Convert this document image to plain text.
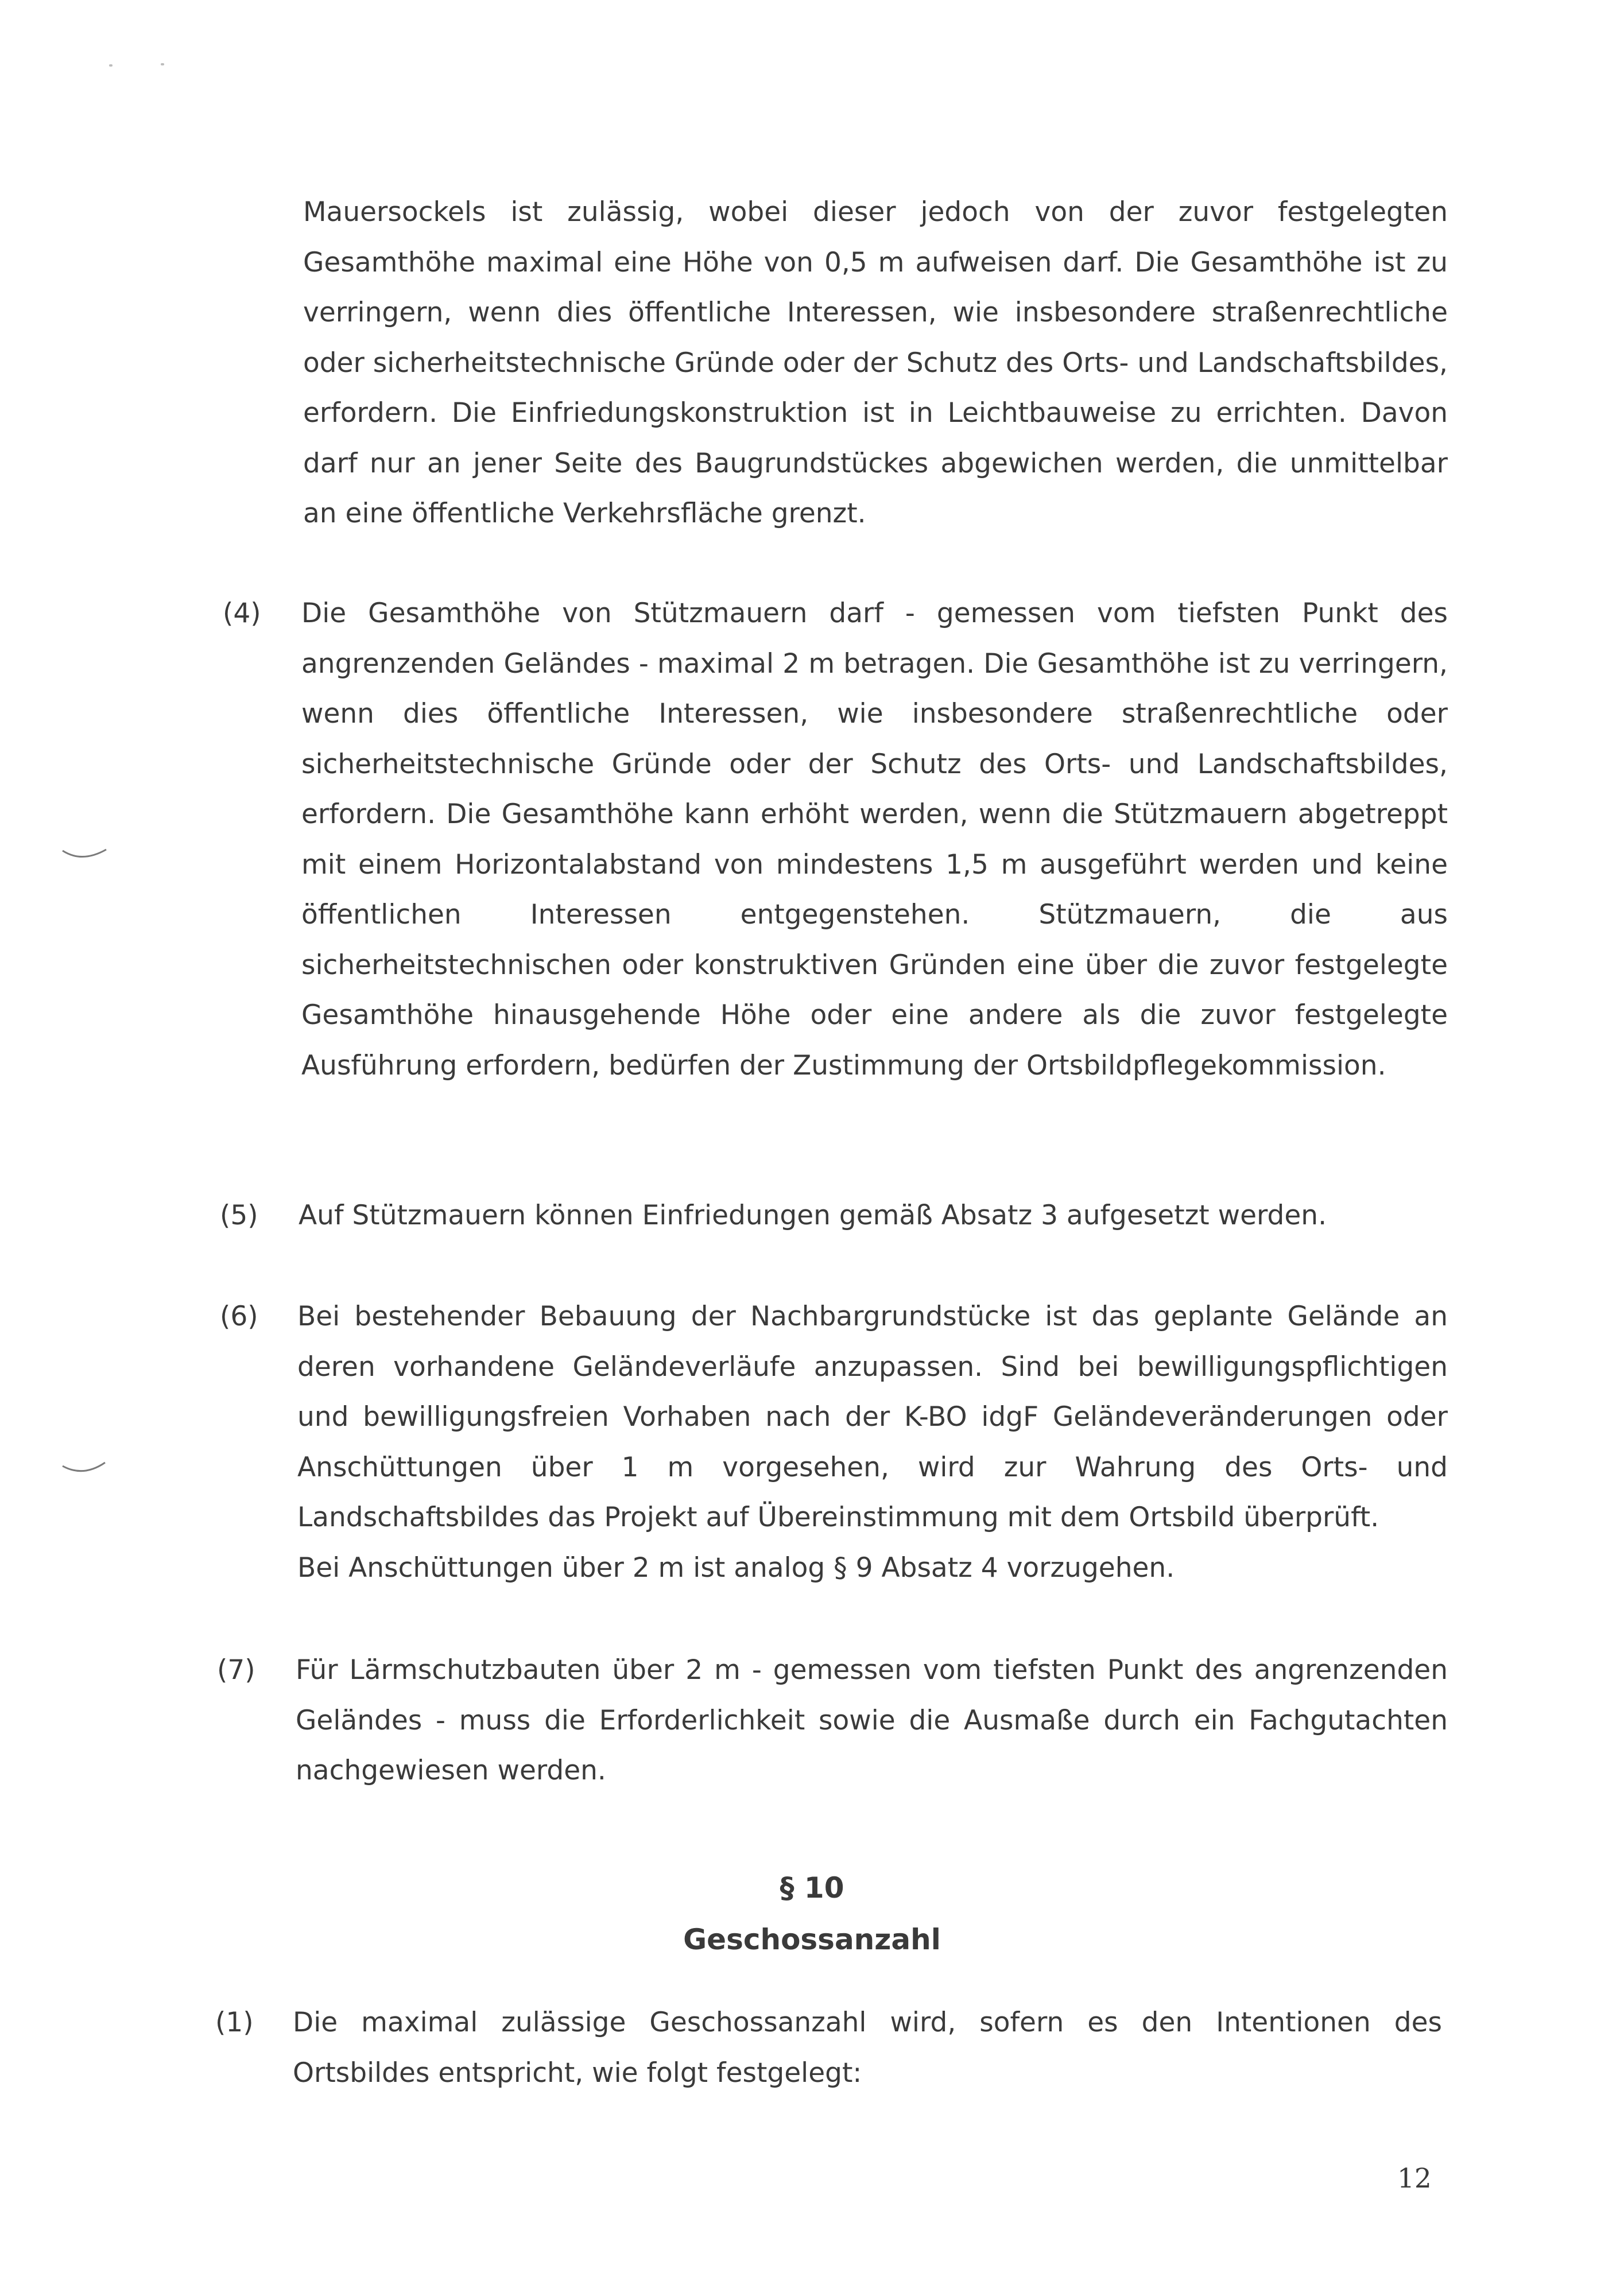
Mauersockels ist zulässig, wobei dieser jedoch von der zuvor festgelegten Gesamthöhe maximal eine Höhe von 0,5 m aufweisen darf. Die Gesamthöhe ist zu verringern, wenn dies öffentliche Interessen, wie insbesondere straßenrechtliche oder sicherheitstechnische Gründe oder der Schutz des Orts- und Landschaftsbildes, erfordern. Die Einfriedungskonstruktion ist in Leichtbauweise zu errichten. Davon darf nur an jener Seite des Baugrundstückes abgewichen werden, die unmittelbar an eine öffentliche Verkehrsfläche grenzt.
(4) Die Gesamthöhe von Stützmauern darf - gemessen vom tiefsten Punkt des angrenzenden Geländes - maximal 2 m betragen. Die Gesamthöhe ist zu verringern, wenn dies öffentliche Interessen, wie insbesondere straßenrechtliche oder sicherheitstechnische Gründe oder der Schutz des Orts- und Landschaftsbildes, erfordern. Die Gesamthöhe kann erhöht werden, wenn die Stützmauern abgetreppt mit einem Horizontalabstand von mindestens 1,5 m ausgeführt werden und keine öffentlichen Interessen entgegenstehen. Stützmauern, die aus sicherheitstechnischen oder konstruktiven Gründen eine über die zuvor festgelegte Gesamthöhe hinausgehende Höhe oder eine andere als die zuvor festgelegte Ausführung erfordern, bedürfen der Zustimmung der Ortsbildpflegekommission.
(5) Auf Stützmauern können Einfriedungen gemäß Absatz 3 aufgesetzt werden.
(6) Bei bestehender Bebauung der Nachbargrundstücke ist das geplante Gelände an deren vorhandene Geländeverläufe anzupassen. Sind bei bewilligungspflichtigen und bewilligungsfreien Vorhaben nach der K-BO idgF Geländeveränderungen oder Anschüttungen über 1 m vorgesehen, wird zur Wahrung des Orts- und Landschaftsbildes das Projekt auf Übereinstimmung mit dem Ortsbild überprüft.
Bei Anschüttungen über 2 m ist analog § 9 Absatz 4 vorzugehen.
(7) Für Lärmschutzbauten über 2 m - gemessen vom tiefsten Punkt des angrenzenden Geländes - muss die Erforderlichkeit sowie die Ausmaße durch ein Fachgutachten nachgewiesen werden.
§ 10
Geschossanzahl
(1) Die maximal zulässige Geschossanzahl wird, sofern es den Intentionen des Ortsbildes entspricht, wie folgt festgelegt:
12
